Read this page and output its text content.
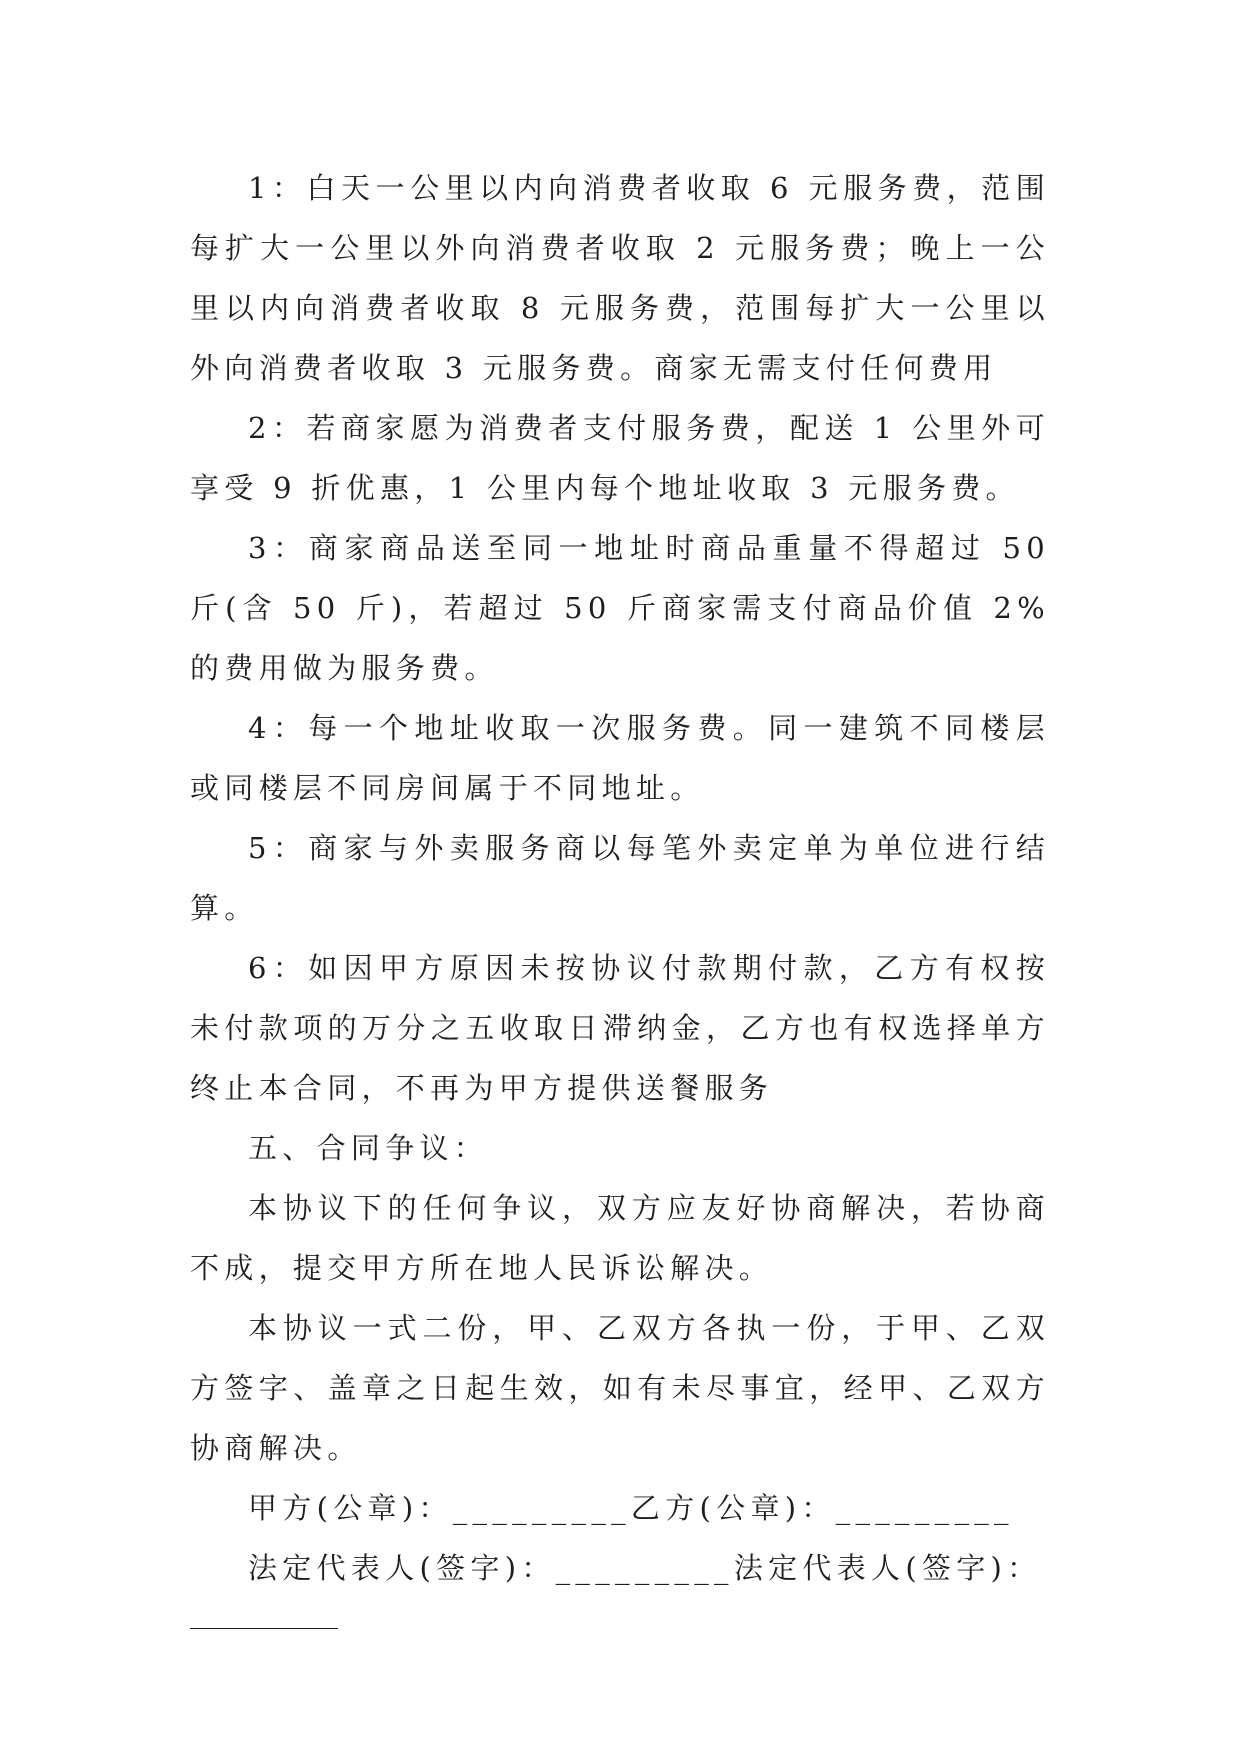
1：白天一公里以内向消费者收取 6 元服务费，范围每扩大一公里以外向消费者收取 2 元服务费；晚上一公里以内向消费者收取 8 元服务费，范围每扩大一公里以外向消费者收取 3 元服务费。商家无需支付任何费用

2：若商家愿为消费者支付服务费，配送 1 公里外可享受 9 折优惠，1 公里内每个地址收取 3 元服务费。

3：商家商品送至同一地址时商品重量不得超过 50 斤(含 50 斤)，若超过 50 斤商家需支付商品价值 2%的费用做为服务费。

4：每一个地址收取一次服务费。同一建筑不同楼层或同楼层不同房间属于不同地址。

5：商家与外卖服务商以每笔外卖定单为单位进行结算。

6：如因甲方原因未按协议付款期付款，乙方有权按未付款项的万分之五收取日滞纳金，乙方也有权选择单方终止本合同，不再为甲方提供送餐服务

五、合同争议：

本协议下的任何争议，双方应友好协商解决，若协商不成，提交甲方所在地人民诉讼解决。

本协议一式二份，甲、乙双方各执一份，于甲、乙双方签字、盖章之日起生效，如有未尽事宜，经甲、乙双方协商解决。

甲方(公章)：_________乙方(公章)：_________

法定代表人(签字)：_________法定代表人(签字)：
